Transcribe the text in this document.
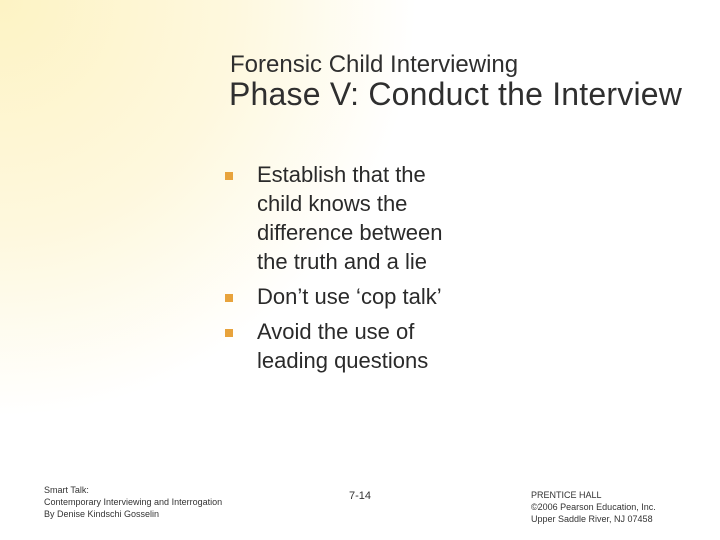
Forensic Child Interviewing
Phase V: Conduct the Interview
Establish that the child knows the difference between the truth and a lie
Don’t use ‘cop talk’
Avoid the use of leading questions
Smart Talk:
Contemporary Interviewing and Interrogation
By Denise Kindschi Gosselin
7-14	PRENTICE HALL
©2006 Pearson Education, Inc.
Upper Saddle River, NJ 07458
